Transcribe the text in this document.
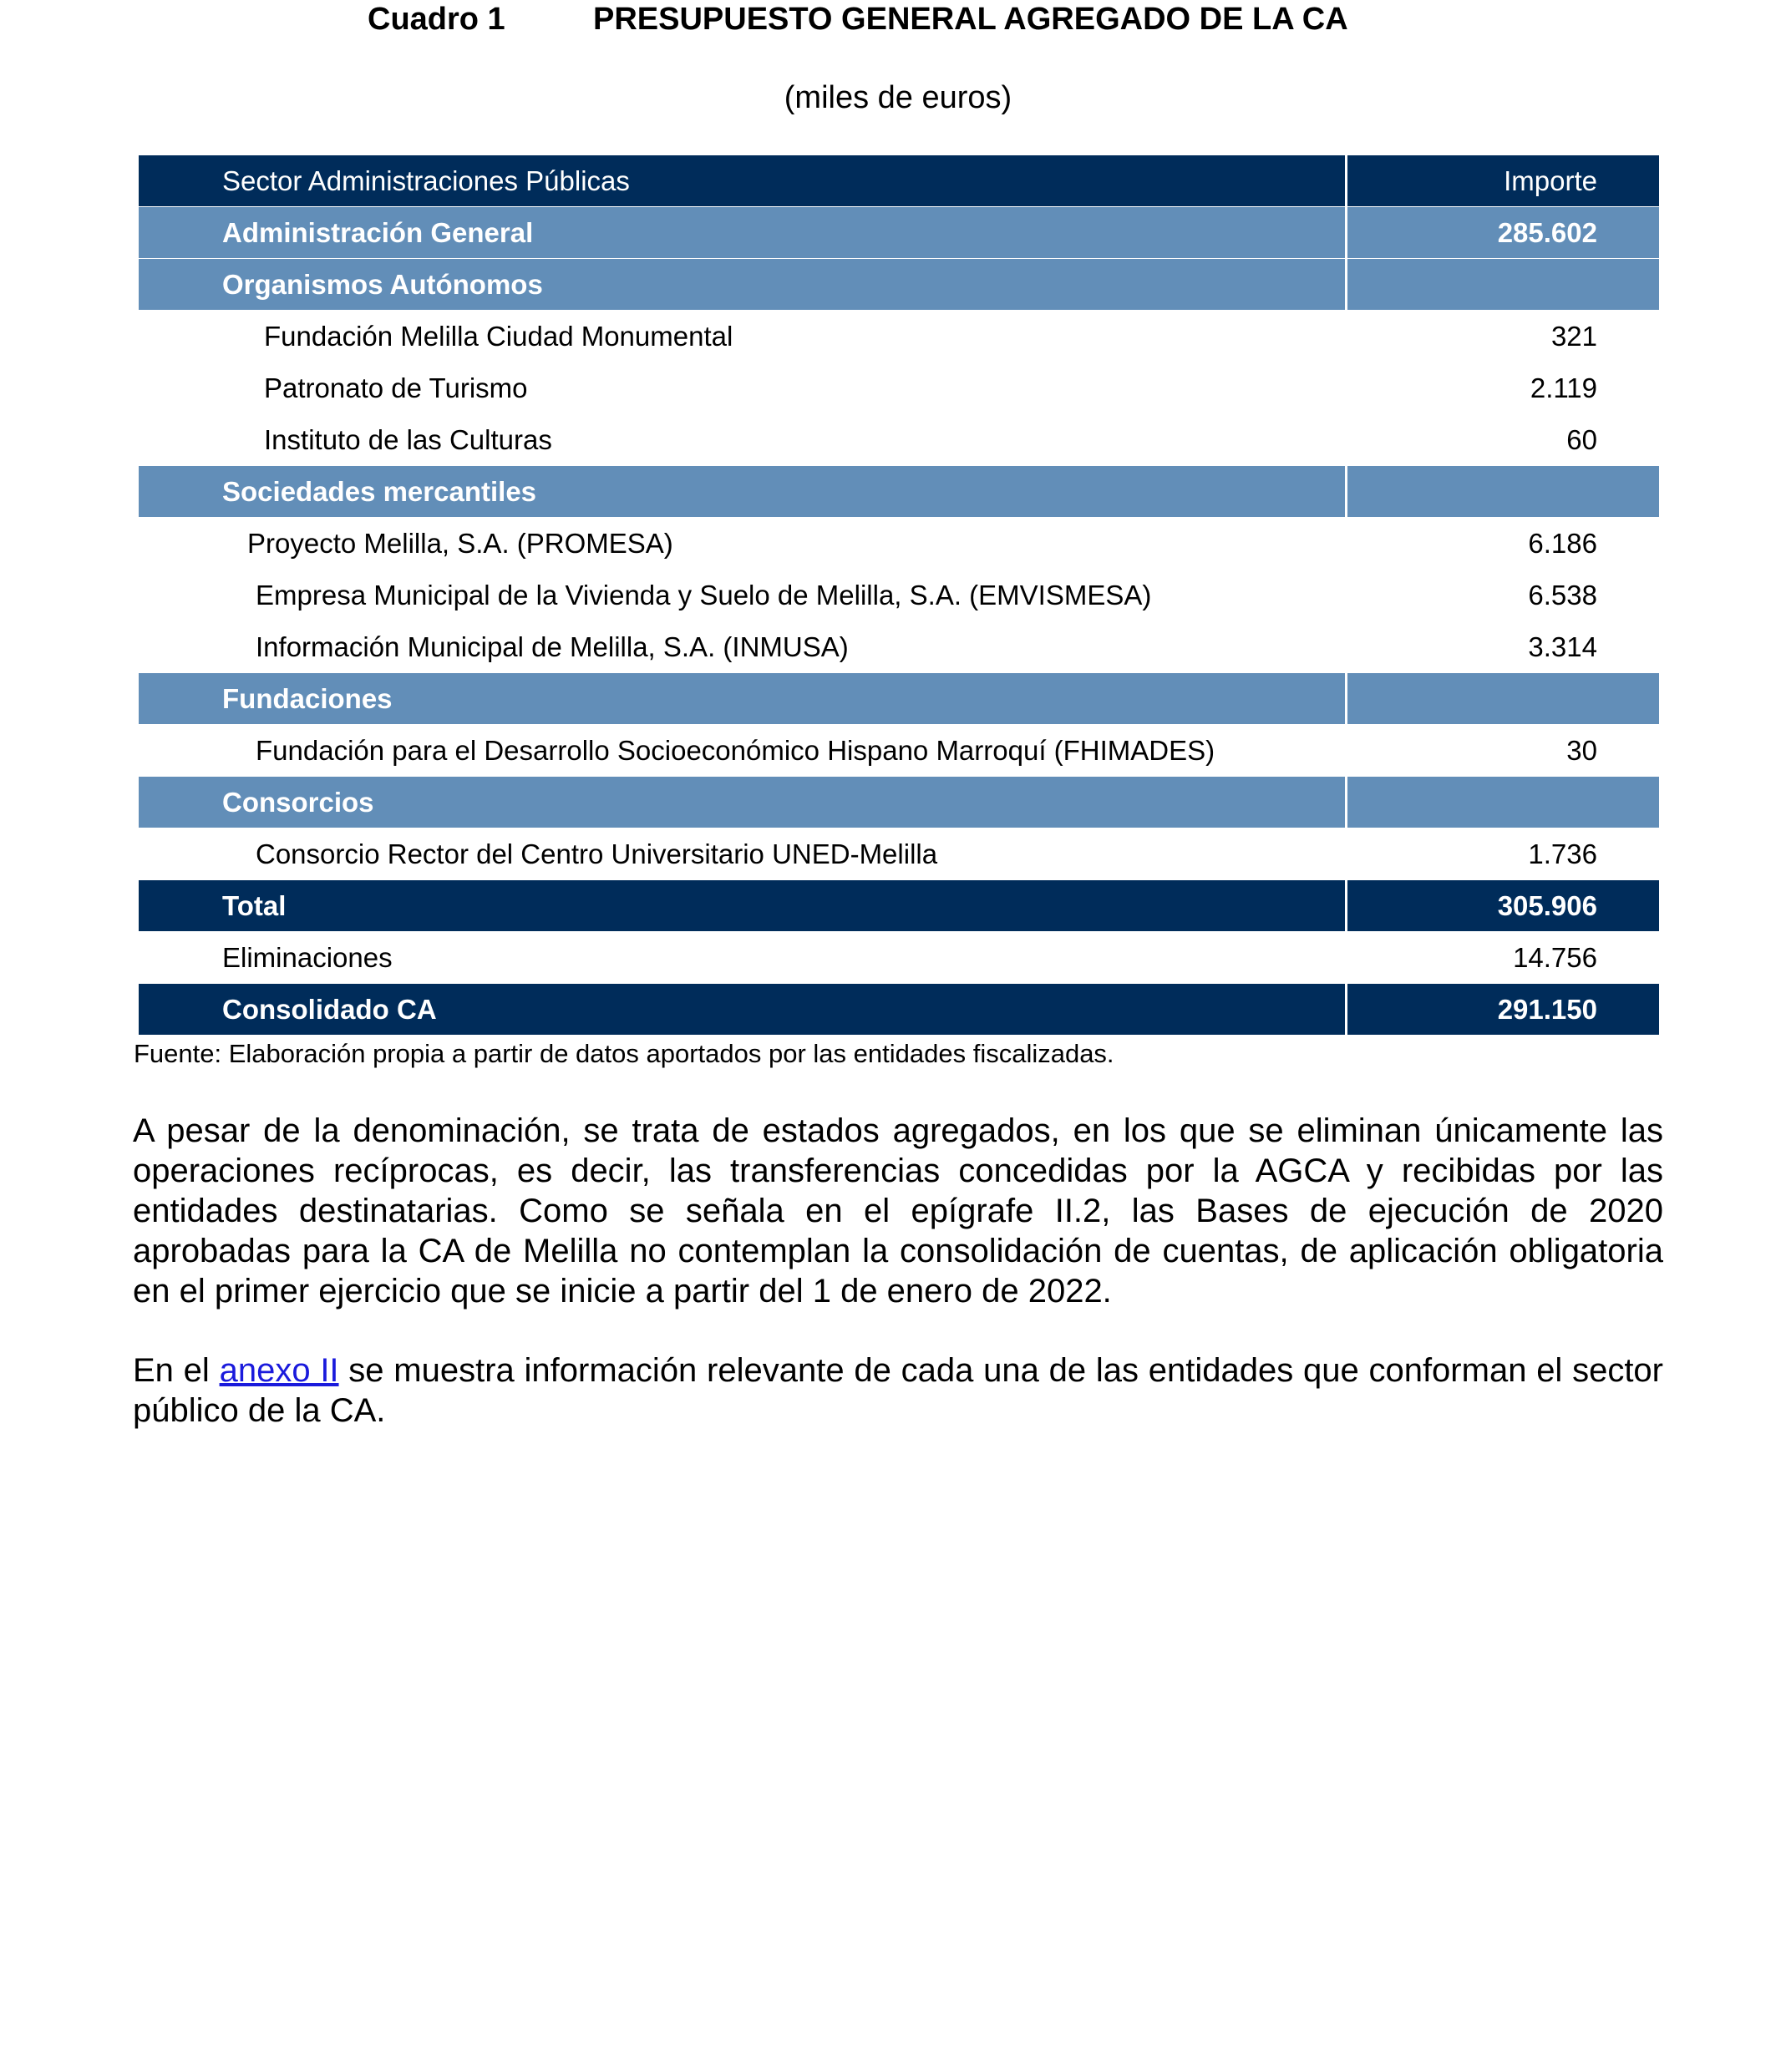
Cuadro 1	PRESUPUESTO GENERAL AGREGADO DE LA CA
(miles de euros)
Sector Administraciones Públicas	Importe
Administración General	285.602
Organismos Autónomos
Fundación Melilla Ciudad Monumental	321
Patronato de Turismo	2.119
Instituto de las Culturas	60
Sociedades mercantiles
Proyecto Melilla, S.A. (PROMESA)	6.186
Empresa Municipal de la Vivienda y Suelo de Melilla, S.A. (EMVISMESA)	6.538
Información Municipal de Melilla, S.A. (INMUSA)	3.314
Fundaciones
Fundación para el Desarrollo Socioeconómico Hispano Marroquí (FHIMADES)	30
Consorcios
Consorcio Rector del Centro Universitario UNED-Melilla	1.736
Total	305.906
Eliminaciones	14.756
Consolidado CA	291.150
Fuente: Elaboración propia a partir de datos aportados por las entidades fiscalizadas.

A pesar de la denominación, se trata de estados agregados, en los que se eliminan únicamente las operaciones recíprocas, es decir, las transferencias concedidas por la AGCA y recibidas por las entidades destinatarias. Como se señala en el epígrafe II.2, las Bases de ejecución de 2020 aprobadas para la CA de Melilla no contemplan la consolidación de cuentas, de aplicación obligatoria en el primer ejercicio que se inicie a partir del 1 de enero de 2022.

En el anexo II se muestra información relevante de cada una de las entidades que conforman el sector público de la CA.
